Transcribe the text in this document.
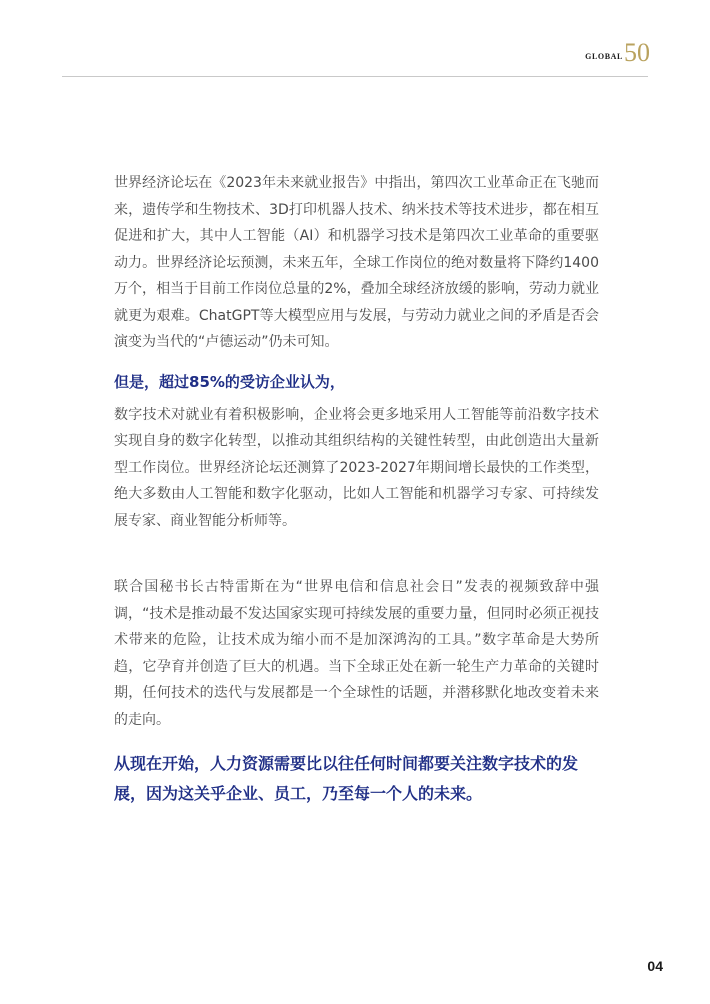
GLOBAL 50

世界经济论坛在《2023年未来就业报告》中指出，第四次工业革命正在飞驰而来，遗传学和生物技术、3D打印机器人技术、纳米技术等技术进步，都在相互促进和扩大，其中人工智能（AI）和机器学习技术是第四次工业革命的重要驱动力。世界经济论坛预测，未来五年，全球工作岗位的绝对数量将下降约1400万个，相当于目前工作岗位总量的2%，叠加全球经济放缓的影响，劳动力就业就更为艰难。ChatGPT等大模型应用与发展，与劳动力就业之间的矛盾是否会演变为当代的“卢德运动”仍未可知。

但是，超过85%的受访企业认为，

数字技术对就业有着积极影响，企业将会更多地采用人工智能等前沿数字技术实现自身的数字化转型，以推动其组织结构的关键性转型，由此创造出大量新型工作岗位。世界经济论坛还测算了2023-2027年期间增长最快的工作类型，绝大多数由人工智能和数字化驱动，比如人工智能和机器学习专家、可持续发展专家、商业智能分析师等。

联合国秘书长古特雷斯在为“世界电信和信息社会日”发表的视频致辞中强调，“技术是推动最不发达国家实现可持续发展的重要力量，但同时必须正视技术带来的危险，让技术成为缩小而不是加深鸿沟的工具。”数字革命是大势所趋，它孕育并创造了巨大的机遇。当下全球正处在新一轮生产力革命的关键时期，任何技术的迭代与发展都是一个全球性的话题，并潜移默化地改变着未来的走向。

从现在开始，人力资源需要比以往任何时间都要关注数字技术的发展，因为这关乎企业、员工，乃至每一个人的未来。

04
